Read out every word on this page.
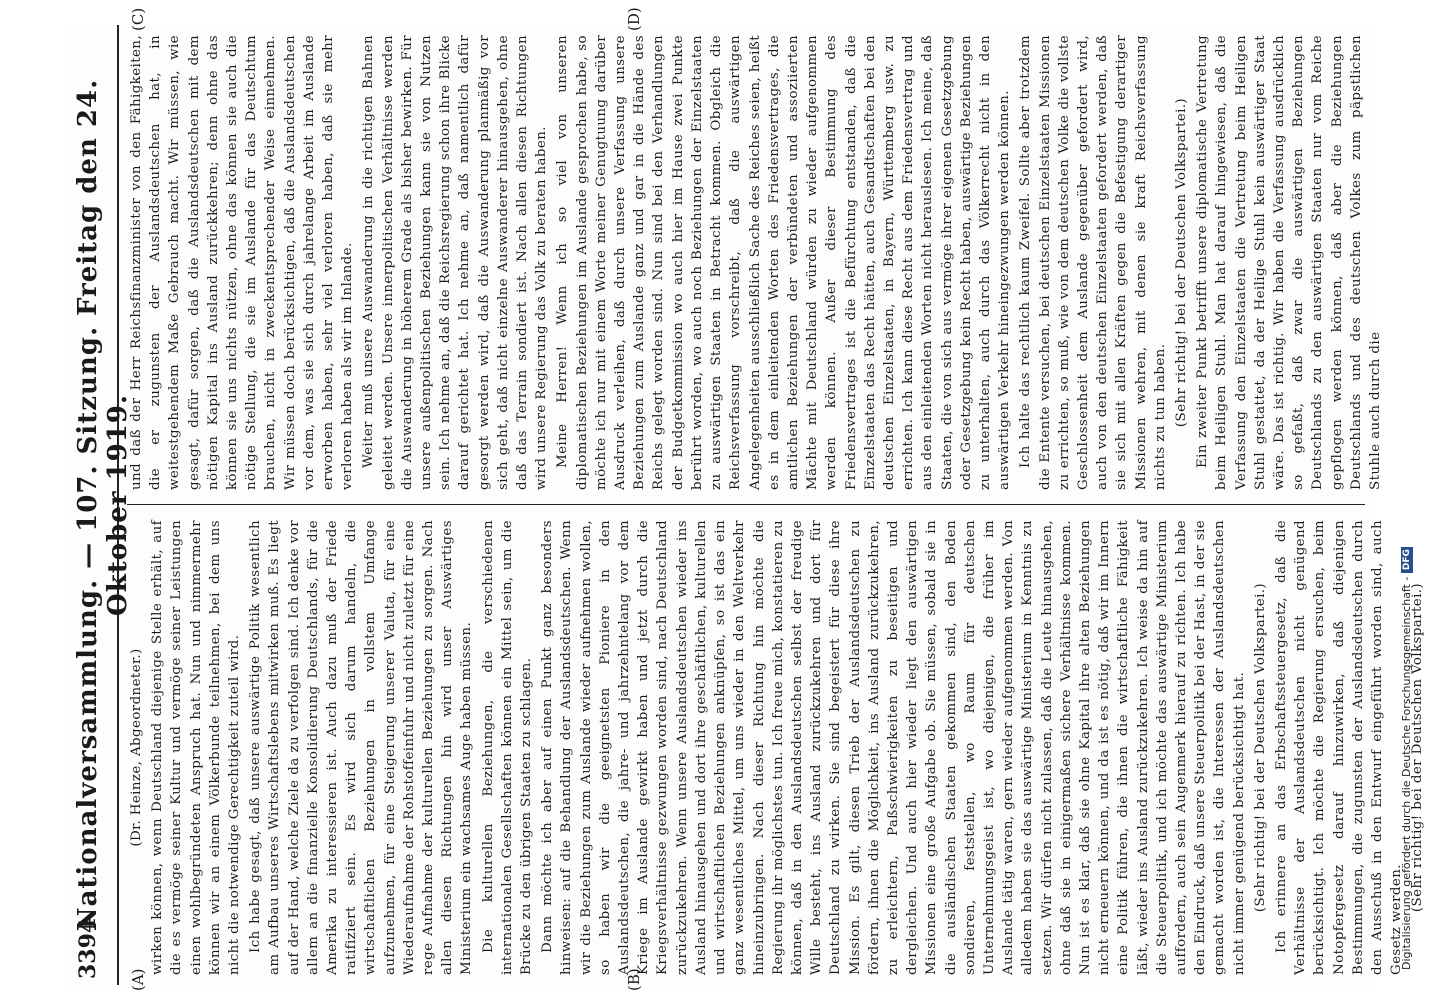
3394
Nationalversammlung. — 107. Sitzung. Freitag den 24. Oktober 1919.
(A)	(B)
(C)	(D)

(Dr. Heinze, Abgeordneter.) wirken können, wenn Deutschland diejenige Stelle erhält, auf die es vermöge seiner Kultur und vermöge seiner Leistungen einen wohlbegründeten Anspruch hat. Nun und nimmermehr können wir an einem Völkerbunde teilnehmen, bei dem uns nicht die notwendige Gerechtigkeit zuteil wird. Ich habe gesagt, daß unsere auswärtige Politik wesentlich am Aufbau unseres Wirtschaftslebens mitwirken muß. Es liegt auf der Hand, welche Ziele da zu verfolgen sind. Ich denke vor allem an die finanzielle Konsolidierung Deutschlands, für die Amerika zu interessieren ist. Auch dazu muß der Friede ratifiziert sein. Es wird sich darum handeln, die wirtschaftlichen Beziehungen in vollstem Umfange aufzunehmen, für eine Steigerung unserer Valuta, für eine Wiederaufnahme der Rohstoffeinfuhr und nicht zuletzt für eine rege Aufnahme der kulturellen Beziehungen zu sorgen. Nach allen diesen Richtungen hin wird unser Auswärtiges Ministerium ein wachsames Auge haben müssen. Die kulturellen Beziehungen, die verschiedenen internationalen Gesellschaften können ein Mittel sein, um die Brücke zu den übrigen Staaten zu schlagen. Dann möchte ich aber auf einen Punkt ganz besonders hinweisen: auf die Behandlung der Auslandsdeutschen. Wenn wir die Beziehungen zum Auslande wieder aufnehmen wollen, so haben wir die geeignetsten Pioniere in den Auslandsdeutschen, die jahre- und jahrzehntelang vor dem Kriege im Auslande gewirkt haben und jetzt durch die Kriegsverhältnisse gezwungen worden sind, nach Deutschland zurückzukehren. Wenn unsere Auslandsdeutschen wieder ins Ausland hinausgehen und dort ihre geschäftlichen, kulturellen und wirtschaftlichen Beziehungen anknüpfen, so ist das ein ganz wesentliches Mittel, um uns wieder in den Weltverkehr hineinzubringen. Nach dieser Richtung hin möchte die Regierung ihr möglichstes tun. Ich freue mich, konstatieren zu können, daß in den Auslandsdeutschen selbst der freudige Wille besteht, ins Ausland zurückzukehren und dort für Deutschland zu wirken. Sie sind begeistert für diese ihre Mission. Es gilt, diesen Trieb der Auslandsdeutschen zu fördern, ihnen die Möglichkeit, ins Ausland zurückzukehren, zu erleichtern, Paßschwierigkeiten zu beseitigen und dergleichen. Und auch hier wieder liegt den auswärtigen Missionen eine große Aufgabe ob. Sie müssen, sobald sie in die ausländischen Staaten gekommen sind, den Boden sondieren, feststellen, wo Raum für deutschen Unternehmungsgeist ist, wo diejenigen, die früher im Auslande tätig waren, gern wieder aufgenommen werden. Von alledem haben sie das auswärtige Ministerium in Kenntnis zu setzen. Wir dürfen nicht zulassen, daß die Leute hinausgehen, ohne daß sie in einigermaßen sichere Verhältnisse kommen. Nun ist es klar, daß sie ohne Kapital ihre alten Beziehungen nicht erneuern können, und da ist es nötig, daß wir im Innern eine Politik führen, die ihnen die wirtschaftliche Fähigkeit läßt, wieder ins Ausland zurückzukehren. Ich weise da hin auf die Steuerpolitik, und ich möchte das auswärtige Ministerium auffordern, auch sein Augenmerk hierauf zu richten. Ich habe den Eindruck, daß unsere Steuerpolitik bei der Hast, in der sie gemacht worden ist, die Interessen der Auslandsdeutschen nicht immer genügend berücksichtigt hat. (Sehr richtig! bei der Deutschen Volkspartei.) Ich erinnere an das Erbschaftssteuergesetz, daß die Verhältnisse der Auslandsdeutschen nicht genügend berücksichtigt. Ich möchte die Regierung ersuchen, beim Notopfergesetz darauf hinzuwirken, daß diejenigen Bestimmungen, die zugunsten der Auslandsdeutschen durch den Ausschuß in den Entwurf eingeführt worden sind, auch Gesetz werden.

(Sehr richtig! bei der Deutschen Volkspartei.)

und daß der Herr Reichsfinanzminister von den Fähigkeiten, die er zugunsten der Auslandsdeutschen hat, in weitestgehendem Maße Gebrauch macht. Wir müssen, wie gesagt, dafür sorgen, daß die Auslandsdeutschen mit dem nötigen Kapital ins Ausland zurückkehren; denn ohne das können sie uns nichts nützen, ohne das können sie auch die nötige Stellung, die sie im Auslande für das Deutschtum brauchen, nicht in zweckentsprechender Weise einnehmen. Wir müssen doch berücksichtigen, daß die Auslandsdeutschen vor dem, was sie sich durch jahrelange Arbeit im Auslande erworben haben, sehr viel verloren haben, daß sie mehr verloren haben als wir im Inlande. Weiter muß unsere Auswanderung in die richtigen Bahnen geleitet werden. Unsere innerpolitischen Verhältnisse werden die Auswanderung in höherem Grade als bisher bewirken. Für unsere außenpolitischen Beziehungen kann sie von Nutzen sein. Ich nehme an, daß die Reichsregierung schon ihre Blicke darauf gerichtet hat. Ich nehme an, daß namentlich dafür gesorgt werden wird, daß die Auswanderung planmäßig vor sich geht, daß nicht einzelne Auswanderer hinausgehen, ohne daß das Terrain sondiert ist. Nach allen diesen Richtungen wird unsere Regierung das Volk zu beraten haben. Meine Herren! Wenn ich so viel von unseren diplomatischen Beziehungen im Auslande gesprochen habe, so möchte ich nur mit einem Worte meiner Genugtuung darüber Ausdruck verleihen, daß durch unsere Verfassung unsere Beziehungen zum Auslande ganz und gar in die Hände des Reichs gelegt worden sind. Nun sind bei den Verhandlungen der Budgetkommission wo auch hier im Hause zwei Punkte berührt worden, wo auch noch Beziehungen der Einzelstaaten zu auswärtigen Staaten in Betracht kommen. Obgleich die Reichsverfassung vorschreibt, daß die auswärtigen Angelegenheiten ausschließlich Sache des Reiches seien, heißt es in dem einleitenden Worten des Friedensvertrages, die amtlichen Beziehungen der verbündeten und assoziierten Mächte mit Deutschland würden zu wieder aufgenommen werden können. Außer dieser Bestimmung des Friedensvertrages ist die Befürchtung entstanden, daß die Einzelstaaten das Recht hätten, auch Gesandtschaften bei den deutschen Einzelstaaten, in Bayern, Württemberg usw. zu errichten. Ich kann diese Recht aus dem Friedensvertrag und aus den einleitenden Worten nicht herauslesen. Ich meine, daß Staaten, die von sich aus vermöge ihrer eigenen Gesetzgebung oder Gesetzgebung kein Recht haben, auswärtige Beziehungen zu unterhalten, auch durch das Völkerrecht nicht in den auswärtigen Verkehr hineingezwungen werden können. Ich halte das rechtlich kaum Zweifel. Sollte aber trotzdem die Entente versuchen, bei deutschen Einzelstaaten Missionen zu errichten, so muß, wie von dem deutschen Volke die vollste Geschlossenheit dem Auslande gegenüber gefordert wird, auch von den deutschen Einzelstaaten gefordert werden, daß sie sich mit allen Kräften gegen die Befestigung derartiger Missionen wehren, mit denen sie kraft Reichsverfassung nichts zu tun haben. (Sehr richtig! bei der Deutschen Volkspartei.) Ein zweiter Punkt betrifft unsere diplomatische Vertretung beim Heiligen Stuhl. Man hat darauf hingewiesen, daß die Verfassung den Einzelstaaten die Vertretung beim Heiligen Stuhl gestattet, da der Heilige Stuhl kein auswärtiger Staat wäre. Das ist richtig. Wir haben die Verfassung ausdrücklich so gefaßt, daß zwar die auswärtigen Beziehungen Deutschlands zu den auswärtigen Staaten nur vom Reiche gepflogen werden können, daß aber die Beziehungen Deutschlands und des deutschen Volkes zum päpstlichen Stuhle auch durch die

Digitalisierung gefördert durch die Deutsche Forschungsgemeinschaft -DFG
